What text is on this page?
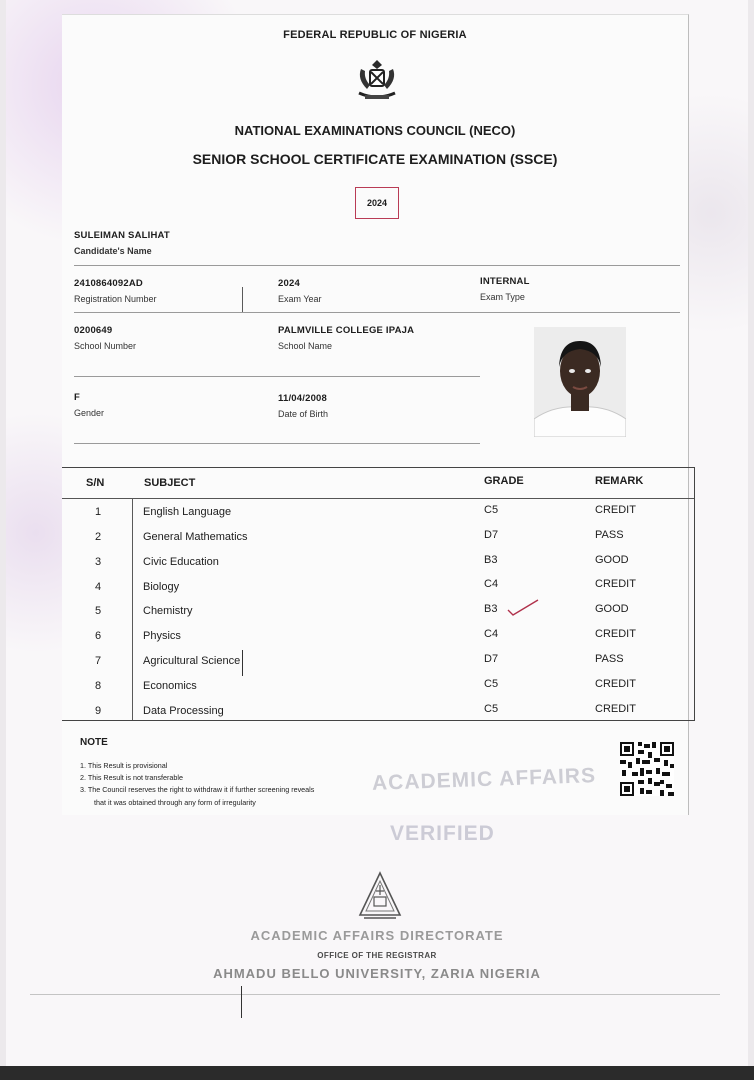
FEDERAL REPUBLIC OF NIGERIA
NATIONAL EXAMINATIONS COUNCIL (NECO)
SENIOR SCHOOL CERTIFICATE EXAMINATION (SSCE)
2024
SULEIMAN SALIHAT
Candidate's Name
2410864092AD
Registration Number
2024
Exam Year
INTERNAL
Exam Type
0200649
School Number
PALMVILLE COLLEGE IPAJA
School Name
F
Gender
11/04/2008
Date of Birth
S/N	SUBJECT	GRADE	REMARK
1	English Language	C5	CREDIT
2	General Mathematics	D7	PASS
3	Civic Education	B3	GOOD
4	Biology	C4	CREDIT
5	Chemistry	B3	GOOD
6	Physics	C4	CREDIT
7	Agricultural Science	D7	PASS
8	Economics	C5	CREDIT
9	Data Processing	C5	CREDIT
NOTE
1. This Result is provisional
2. This Result is not transferable
3. The Council reserves the right to withdraw it if further screening reveals
that it was obtained through any form of irregularity
ACADEMIC AFFAIRS
VERIFIED
ACADEMIC AFFAIRS DIRECTORATE
OFFICE OF THE REGISTRAR
AHMADU BELLO UNIVERSITY, ZARIA NIGERIA
